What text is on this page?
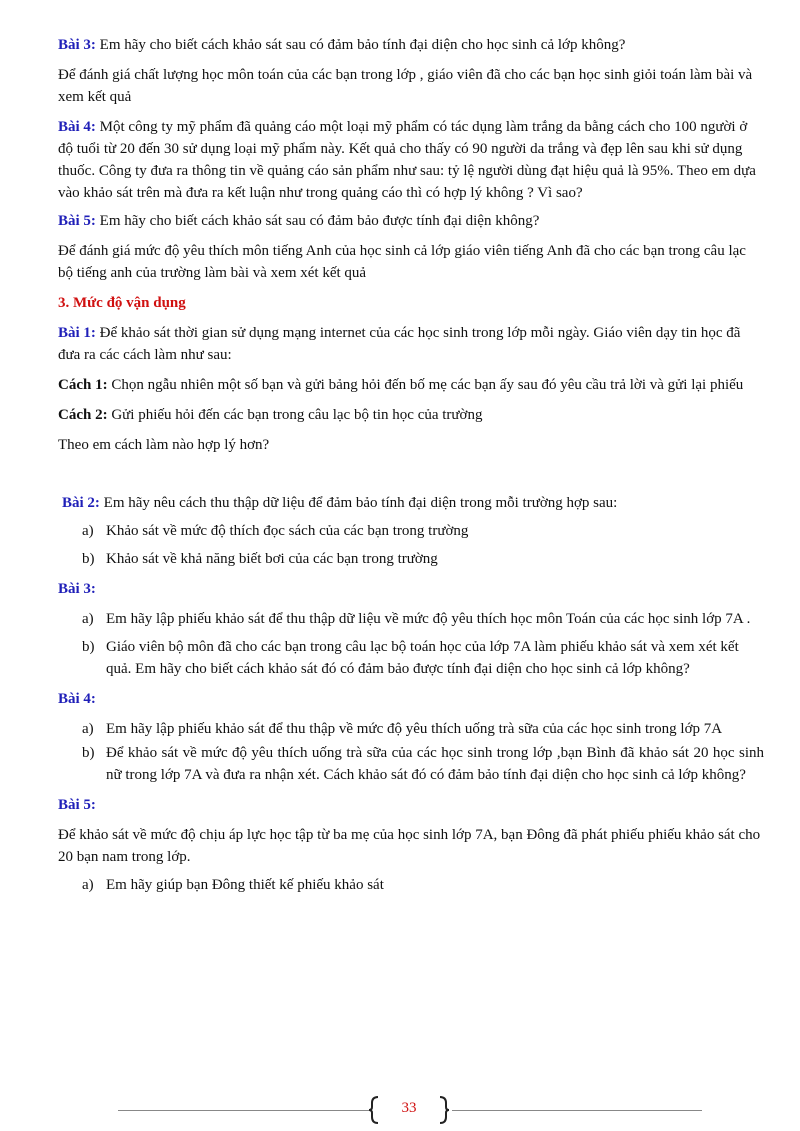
Bài 3: Em hãy cho biết cách khảo sát sau có đảm bảo tính đại diện cho học sinh cả lớp không?

Để đánh giá chất lượng học môn toán của các bạn trong lớp , giáo viên đã cho các bạn học sinh giỏi toán làm bài và xem kết quả

Bài 4: Một công ty mỹ phẩm đã quảng cáo một loại mỹ phẩm có tác dụng làm trắng da bằng cách cho 100 người ở độ tuổi từ 20 đến 30 sử dụng loại mỹ phẩm này. Kết quả cho thấy có 90 người da trắng và đẹp lên sau khi sử dụng thuốc. Công ty đưa ra thông tin về quảng cáo sản phẩm như sau: tỷ lệ người dùng đạt hiệu quả là 95%. Theo em dựa vào khảo sát trên mà đưa ra kết luận như trong quảng cáo thì có hợp lý không ? Vì sao?

Bài 5: Em hãy cho biết cách khảo sát sau có đảm bảo được tính đại diện không?

Để đánh giá mức độ yêu thích môn tiếng Anh của học sinh cả lớp giáo viên tiếng Anh đã cho các bạn trong câu lạc bộ tiếng anh của trường làm bài và xem xét kết quả

3. Mức độ vận dụng

Bài 1: Để khảo sát thời gian sử dụng mạng internet của các học sinh trong lớp mỗi ngày. Giáo viên dạy tin học đã đưa ra các cách làm như sau:

Cách 1: Chọn ngẫu nhiên một số bạn và gửi bảng hỏi đến bố mẹ các bạn ấy sau đó yêu cầu trả lời và gửi lại phiếu

Cách 2: Gửi phiếu hỏi đến các bạn trong câu lạc bộ tin học của trường

Theo em cách làm nào hợp lý hơn?

Bài 2: Em hãy nêu cách thu thập dữ liệu để đảm bảo tính đại diện trong mỗi trường hợp sau:

a) Khảo sát về mức độ thích đọc sách của các bạn trong trường

b) Khảo sát về khả năng biết bơi của các bạn trong trường

Bài 3:

a) Em hãy lập phiếu khảo sát để thu thập dữ liệu về mức độ yêu thích học môn Toán của các học sinh lớp 7A .

b) Giáo viên bộ môn đã cho các bạn trong câu lạc bộ toán học của lớp 7A làm phiếu khảo sát và xem xét kết quả. Em hãy cho biết cách khảo sát đó có đảm bảo được tính đại diện cho học sinh cả lớp không?

Bài 4:

a) Em hãy lập phiếu khảo sát để thu thập về mức độ yêu thích uống trà sữa của các học sinh trong lớp 7A

b) Để khảo sát về mức độ yêu thích uống trà sữa của các học sinh trong lớp ,bạn Bình đã khảo sát 20 học sinh nữ trong lớp 7A và đưa ra nhận xét. Cách khảo sát đó có đảm bảo tính đại diện cho học sinh cả lớp không?

Bài 5:

Để khảo sát về mức độ chịu áp lực học tập từ ba mẹ của học sinh lớp 7A, bạn Đông đã phát phiếu phiếu khảo sát cho 20 bạn nam trong lớp.

a) Em hãy giúp bạn Đông thiết kế phiếu khảo sát

33
